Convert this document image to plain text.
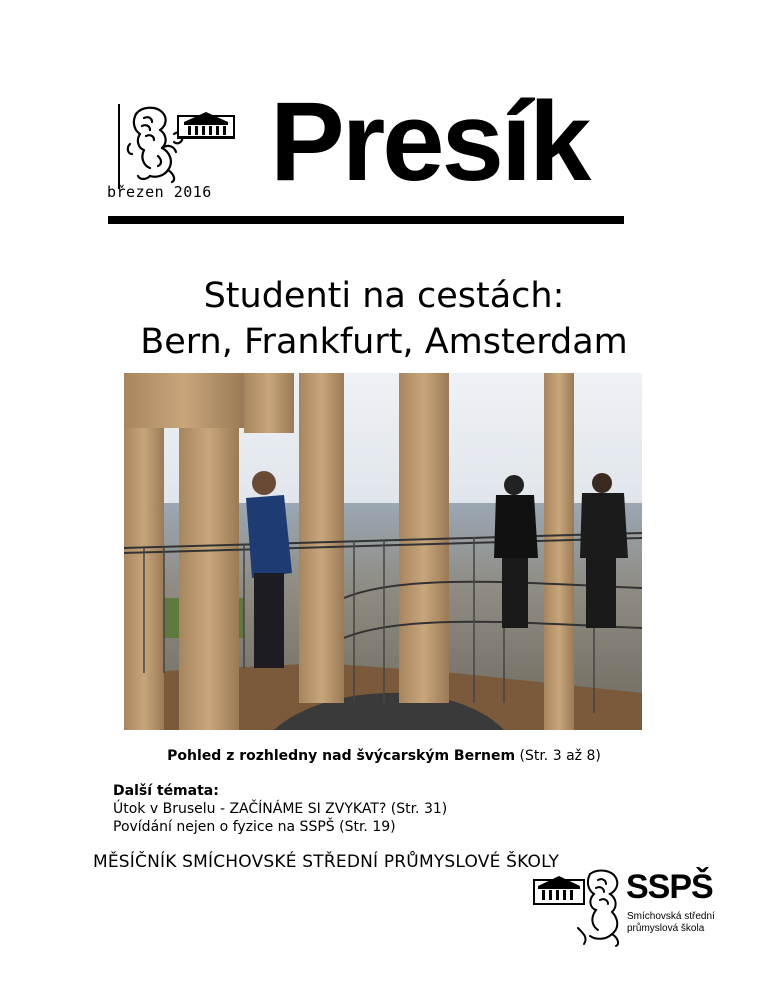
březen 2016 Presík
Studenti na cestách:
Bern, Frankfurt, Amsterdam
Pohled z rozhledny nad švýcarským Bernem (Str. 3 až 8)
Další témata:
Útok v Bruselu - ZAČÍNÁME SI ZVYKAT? (Str. 31)
Povídání nejen o fyzice na SSPŠ (Str. 19)
MĚSÍČNÍK SMÍCHOVSKÉ STŘEDNÍ PRŮMYSLOVÉ ŠKOLY
SSPŠ
Smíchovská střední
průmyslová škola
